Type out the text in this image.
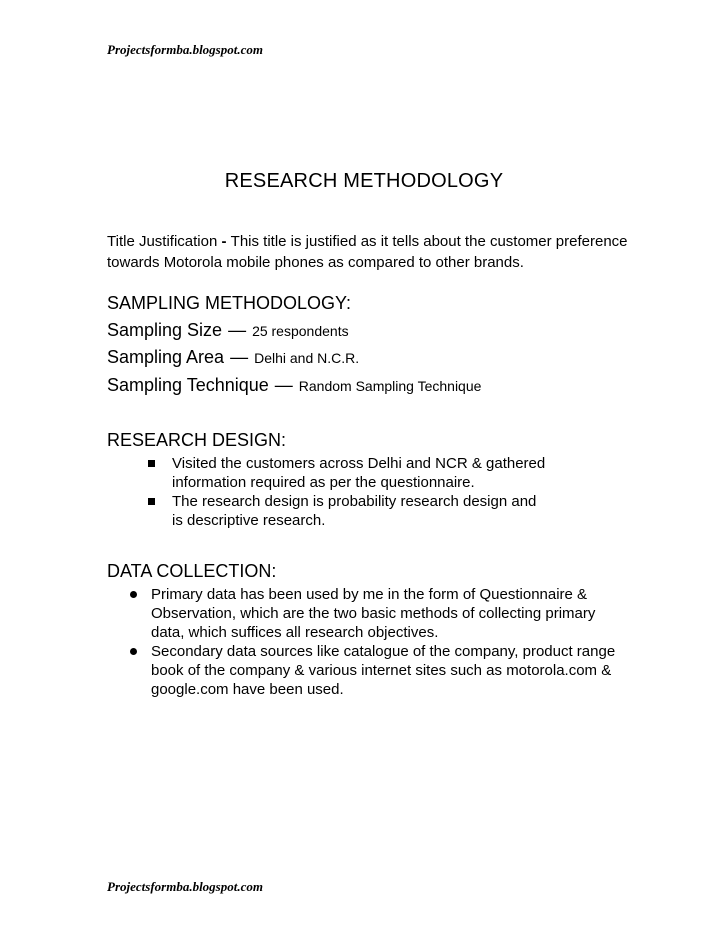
Projectsformba.blogspot.com
RESEARCH METHODOLOGY
Title Justification - This title is justified as it tells about the customer preference towards Motorola mobile phones as compared to other brands.
SAMPLING METHODOLOGY:
Sampling Size — 25 respondents
Sampling Area — Delhi and N.C.R.
Sampling Technique — Random Sampling Technique
RESEARCH DESIGN:
Visited the customers across Delhi and NCR & gathered information required as per the questionnaire.
The research design is probability research design and is descriptive research.
DATA COLLECTION:
Primary data has been used by me in the form of Questionnaire & Observation, which are the two basic methods of collecting primary data, which suffices all research objectives.
Secondary data sources like catalogue of the company, product range book of the company & various internet sites such as motorola.com & google.com have been used.
Projectsformba.blogspot.com
